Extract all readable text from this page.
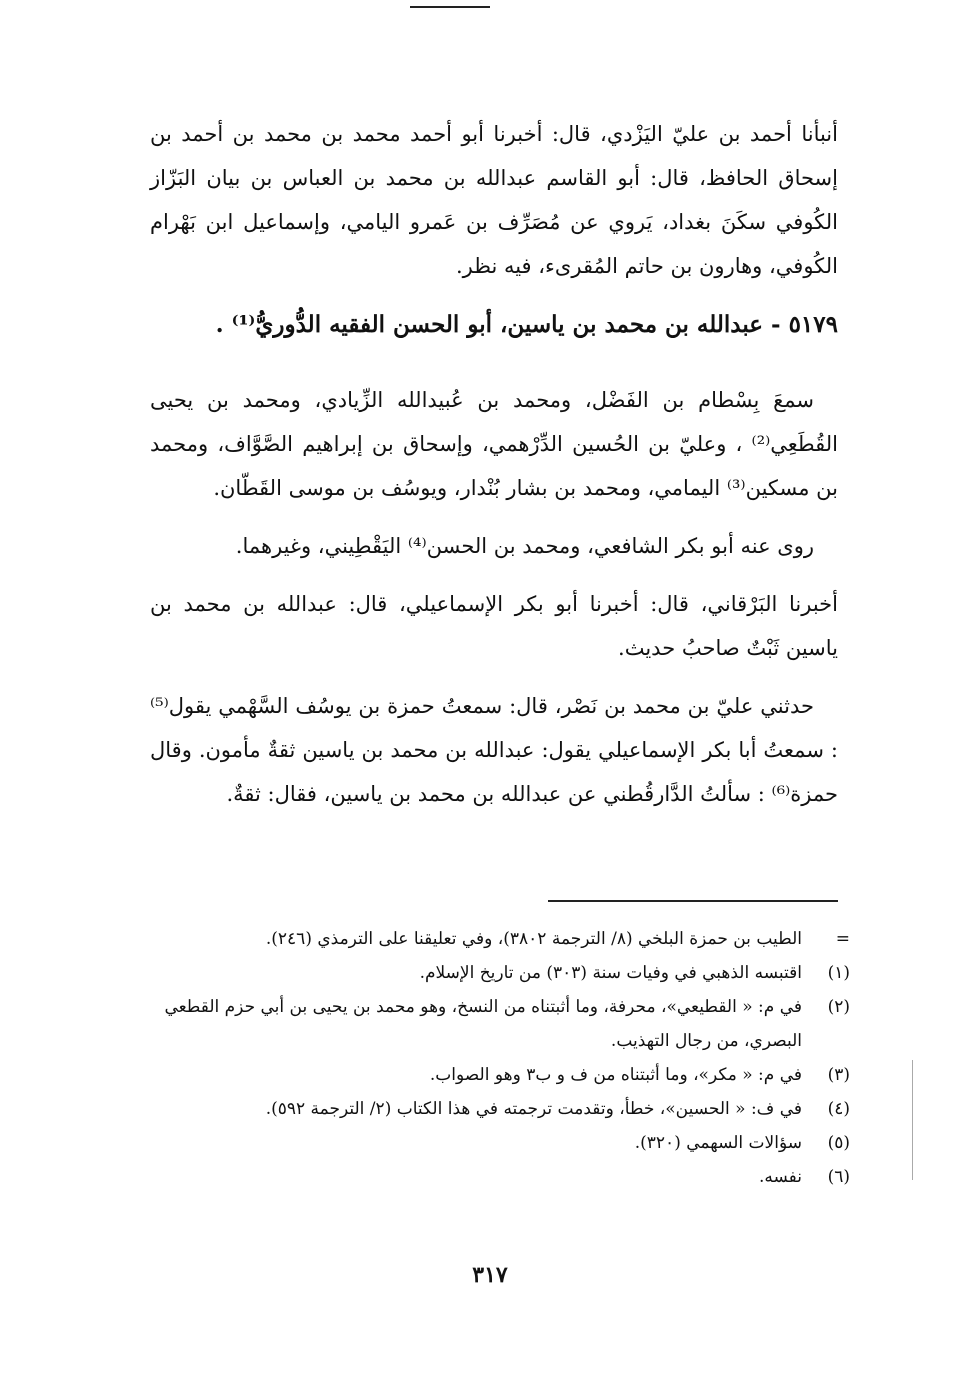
أنبأنا أحمد بن عليّ اليَزْدي، قال: أخبرنا أبو أحمد محمد بن محمد بن أحمد بن إسحاق الحافظ، قال: أبو القاسم عبدالله بن محمد بن العباس بن بيان البَزّاز الكُوفي سكَنَ بغداد، يَروي عن مُصَرِّف بن عَمرو اليامي، وإسماعيل ابن بَهْرام الكُوفي، وهارون بن حاتم المُقرىء، فيه نظر.

٥١٧٩ - عبدالله بن محمد بن ياسين، أبو الحسن الفقيه الدُّوريُّ⁽¹⁾ .

سمعَ بِسْطام بن الفَضْل، ومحمد بن عُبيدالله الزِّيادي، ومحمد بن يحيى القُطَعِي⁽²⁾ ، وعليّ بن الحُسين الدِّرْهمي، وإسحاق بن إبراهيم الصَّوَّاف، ومحمد بن مسكين⁽³⁾ اليمامي، ومحمد بن بشار بُنْدار، ويوسُف بن موسى القَطّان.

روى عنه أبو بكر الشافعي، ومحمد بن الحسن⁽⁴⁾ اليَقْطِيني، وغيرهما.

أخبرنا البَرْقاني، قال: أخبرنا أبو بكر الإسماعيلي، قال: عبدالله بن محمد بن ياسين ثَبْتٌ صاحبُ حديث.

حدثني عليّ بن محمد بن نَصْر، قال: سمعتُ حمزة بن يوسُف السَّهْمي يقول⁽⁵⁾ : سمعتُ أبا بكر الإسماعيلي يقول: عبدالله بن محمد بن ياسين ثقةٌ مأمون. وقال حمزة⁽⁶⁾ : سألتُ الدَّارقُطني عن عبدالله بن محمد بن ياسين، فقال: ثقةٌ.

=
الطيب بن حمزة البلخي (٨/ الترجمة ٣٨٠٢)، وفي تعليقنا على الترمذي (٢٤٦).
(١)
اقتبسه الذهبي في وفيات سنة (٣٠٣) من تاريخ الإسلام.
(٢)
في م: « القطيعي»، محرفة، وما أثبتناه من النسخ، وهو محمد بن يحيى بن أبي حزم القطعي البصري، من رجال التهذيب.
(٣)
في م: « مكر»، وما أثبتناه من ف و ب٣ وهو الصواب.
(٤)
في ف: « الحسين»، خطأ، وتقدمت ترجمته في هذا الكتاب (٢/ الترجمة ٥٩٢).
(٥)
سؤالات السهمي (٣٢٠).
(٦)
نفسه.
٣١٧
